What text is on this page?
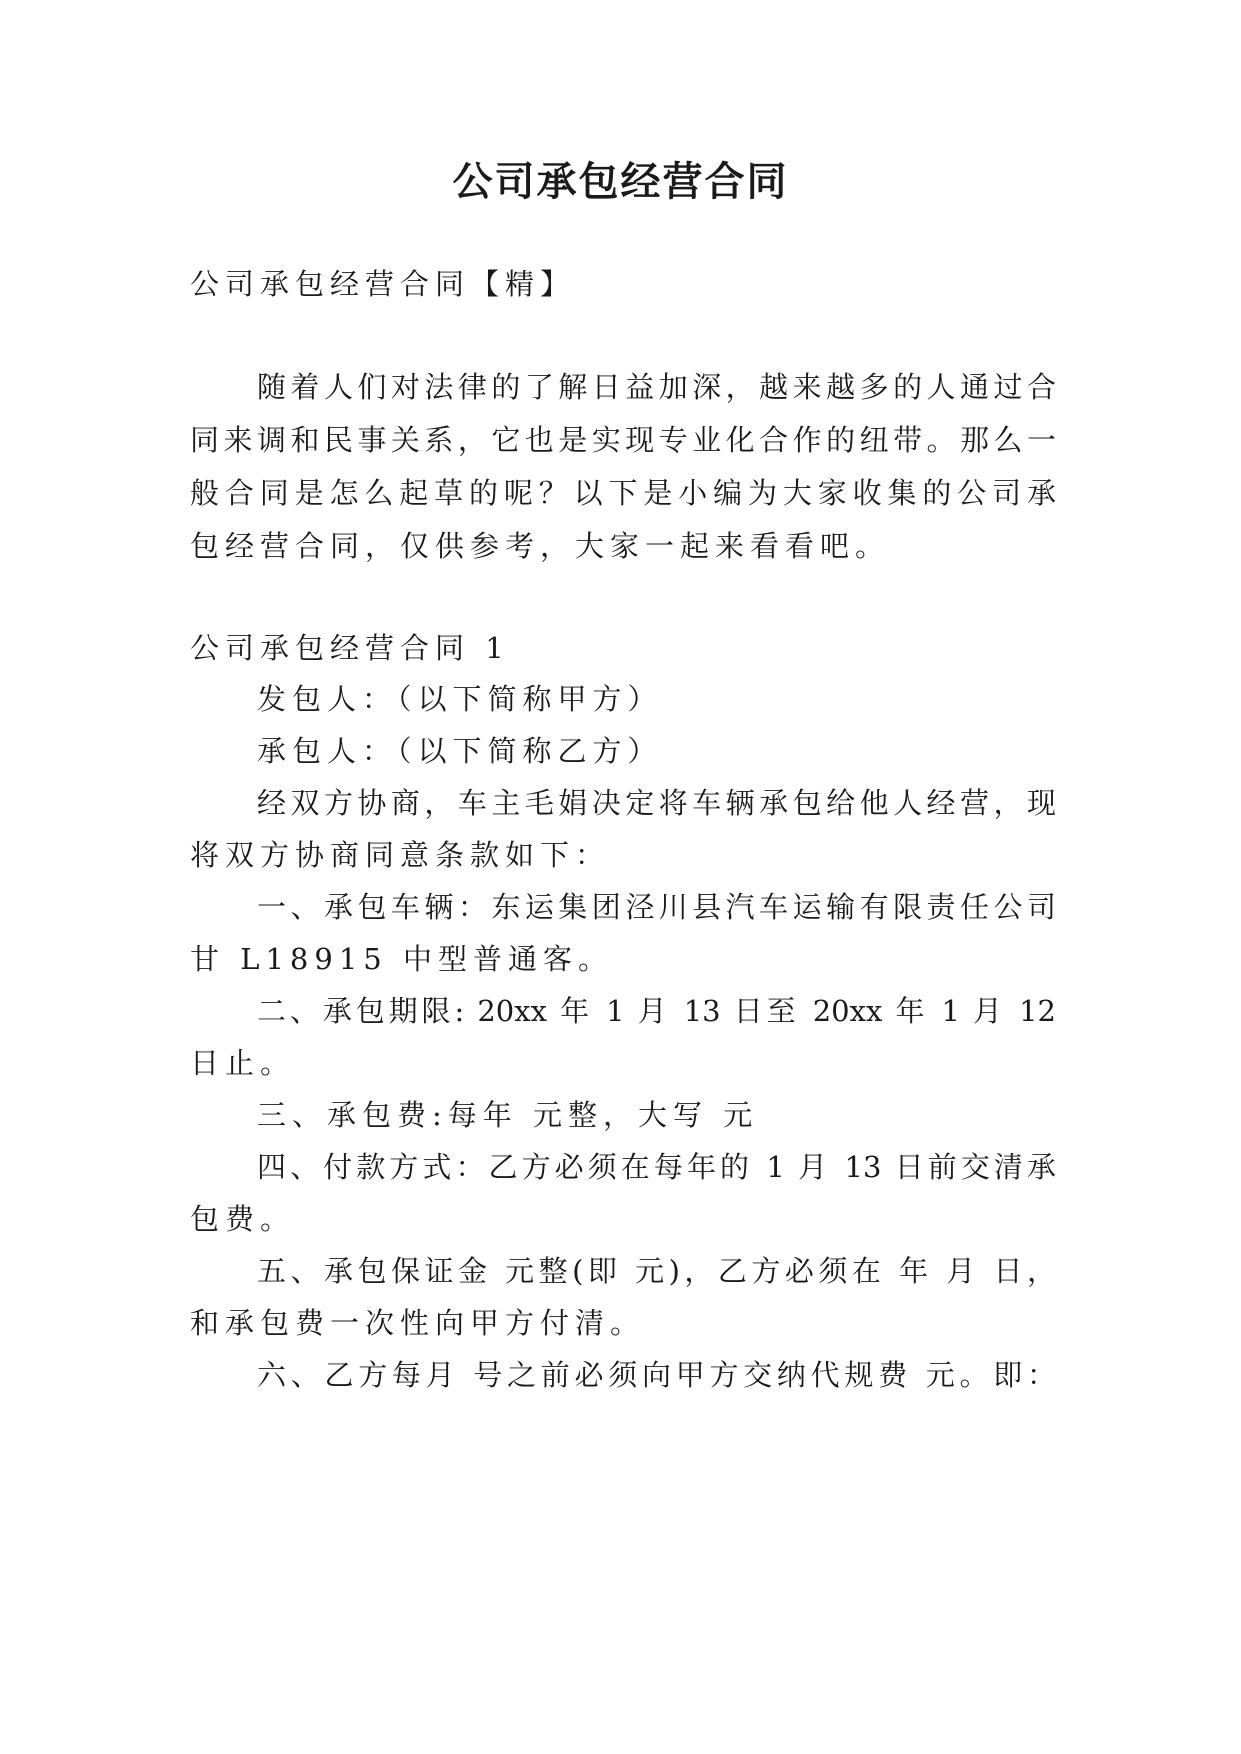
公司承包经营合同
公司承包经营合同【精】
随着人们对法律的了解日益加深，越来越多的人通过合
同来调和民事关系，它也是实现专业化合作的纽带。那么一
般合同是怎么起草的呢？以下是小编为大家收集的公司承
包经营合同，仅供参考，大家一起来看看吧。
公司承包经营合同 1
发包人：（以下简称甲方）
承包人：（以下简称乙方）
经双方协商，车主毛娟决定将车辆承包给他人经营，现
将双方协商同意条款如下：
一、承包车辆：东运集团泾川县汽车运输有限责任公司
甘 L18915 中型普通客。
二、承包期限: 20xx 年 1 月 13 日至 20xx 年 1 月 12
日止。
三、承包费:每年 元整，大写 元
四、付款方式：乙方必须在每年的 1 月 13 日前交清承
包费。
五、承包保证金 元整(即 元)，乙方必须在 年 月 日，
和承包费一次性向甲方付清。
六、乙方每月 号之前必须向甲方交纳代规费 元。即：
